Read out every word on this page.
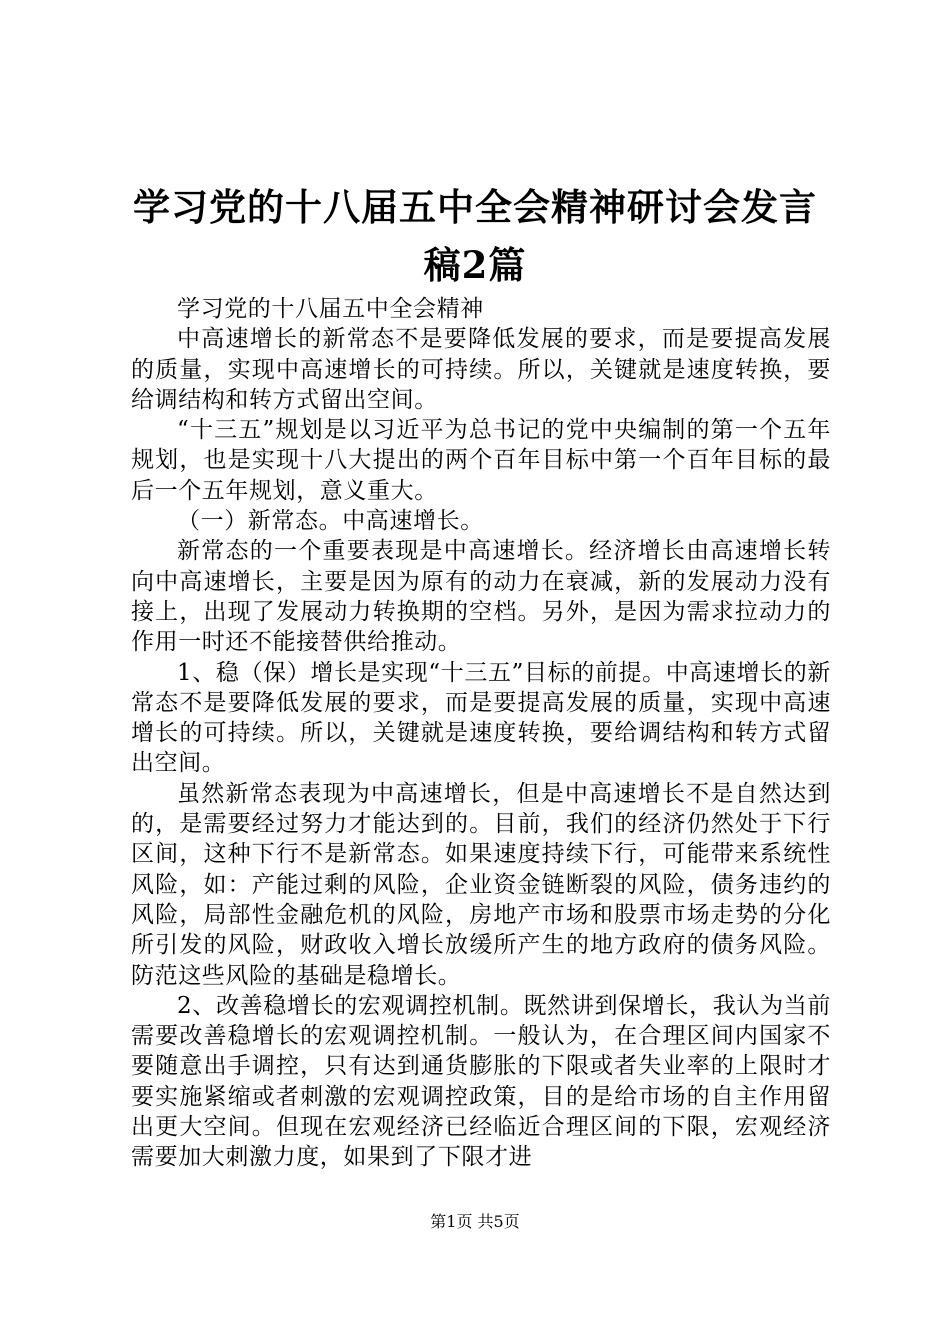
学习党的十八届五中全会精神研讨会发言稿2篇

学习党的十八届五中全会精神

中高速增长的新常态不是要降低发展的要求，而是要提高发展的质量，实现中高速增长的可持续。所以，关键就是速度转换，要给调结构和转方式留出空间。

“十三五”规划是以习近平为总书记的党中央编制的第一个五年规划，也是实现十八大提出的两个百年目标中第一个百年目标的最后一个五年规划，意义重大。

（一）新常态。中高速增长。

新常态的一个重要表现是中高速增长。经济增长由高速增长转向中高速增长，主要是因为原有的动力在衰减，新的发展动力没有接上，出现了发展动力转换期的空档。另外，是因为需求拉动力的作用一时还不能接替供给推动。

1、稳（保）增长是实现“十三五”目标的前提。中高速增长的新常态不是要降低发展的要求，而是要提高发展的质量，实现中高速增长的可持续。所以，关键就是速度转换，要给调结构和转方式留出空间。

虽然新常态表现为中高速增长，但是中高速增长不是自然达到的，是需要经过努力才能达到的。目前，我们的经济仍然处于下行区间，这种下行不是新常态。如果速度持续下行，可能带来系统性风险，如：产能过剩的风险，企业资金链断裂的风险，债务违约的风险，局部性金融危机的风险，房地产市场和股票市场走势的分化所引发的风险，财政收入增长放缓所产生的地方政府的债务风险。防范这些风险的基础是稳增长。

2、改善稳增长的宏观调控机制。既然讲到保增长，我认为当前需要改善稳增长的宏观调控机制。一般认为，在合理区间内国家不要随意出手调控，只有达到通货膨胀的下限或者失业率的上限时才要实施紧缩或者刺激的宏观调控政策，目的是给市场的自主作用留出更大空间。但现在宏观经济已经临近合理区间的下限，宏观经济需要加大刺激力度，如果到了下限才进

第1页 共5页
